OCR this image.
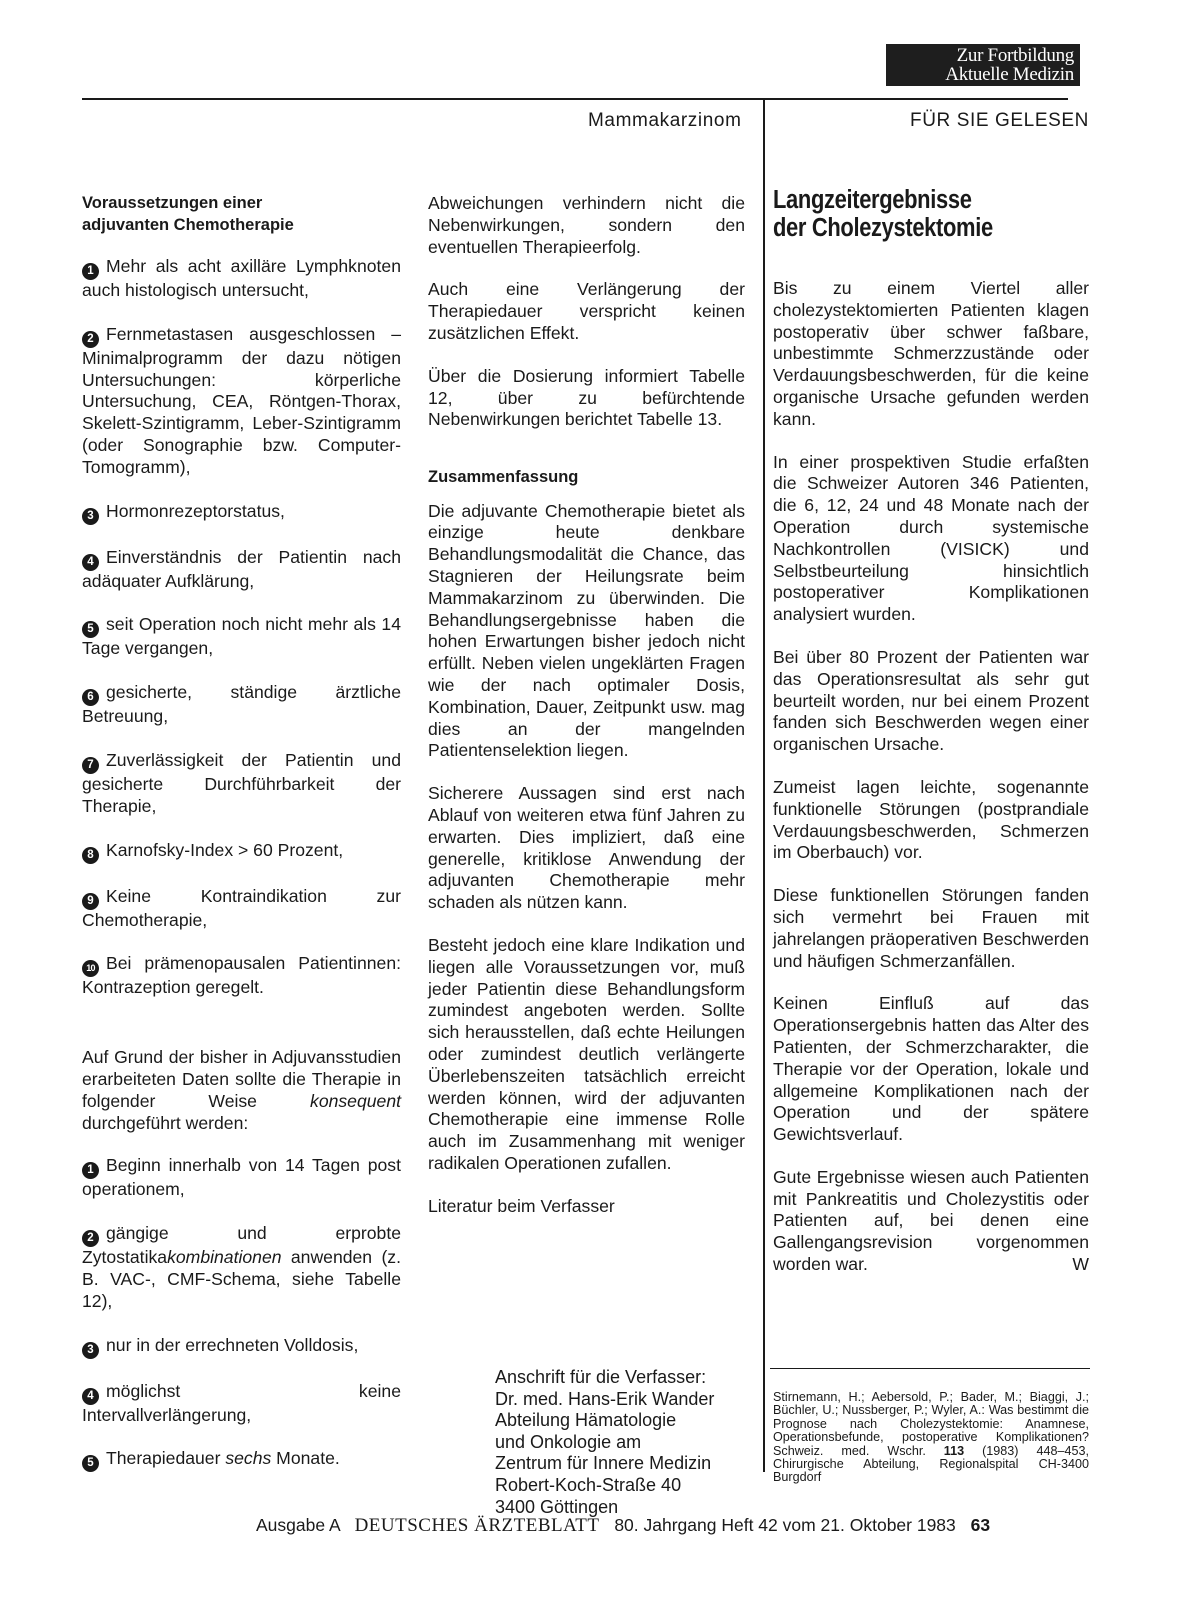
Zur Fortbildung
Aktuelle Medizin
Mammakarzinom	FÜR SIE GELESEN
Voraussetzungen einer
adjuvanten Chemotherapie
1 Mehr als acht axilläre Lymphknoten auch histologisch untersucht,
2 Fernmetastasen ausgeschlossen – Minimalprogramm der dazu nötigen Untersuchungen: körperliche Untersuchung, CEA, Röntgen-Thorax, Skelett-Szintigramm, Leber-Szintigramm (oder Sonographie bzw. Computer-Tomogramm),
3 Hormonrezeptorstatus,
4 Einverständnis der Patientin nach adäquater Aufklärung,
5 seit Operation noch nicht mehr als 14 Tage vergangen,
6 gesicherte, ständige ärztliche Betreuung,
7 Zuverlässigkeit der Patientin und gesicherte Durchführbarkeit der Therapie,
8 Karnofsky-Index > 60 Prozent,
9 Keine Kontraindikation zur Chemotherapie,
10 Bei prämenopausalen Patientinnen: Kontrazeption geregelt.

Auf Grund der bisher in Adjuvansstudien erarbeiteten Daten sollte die Therapie in folgender Weise konsequent durchgeführt werden:

1 Beginn innerhalb von 14 Tagen post operationem,
2 gängige und erprobte Zytostatikakombinationen anwenden (z. B. VAC-, CMF-Schema, siehe Tabelle 12),
3 nur in der errechneten Volldosis,
4 möglichst keine Intervallverlängerung,
5 Therapiedauer sechs Monate.

Abweichungen verhindern nicht die Nebenwirkungen, sondern den eventuellen Therapieerfolg.

Auch eine Verlängerung der Therapiedauer verspricht keinen zusätzlichen Effekt.

Über die Dosierung informiert Tabelle 12, über zu befürchtende Nebenwirkungen berichtet Tabelle 13.

Zusammenfassung

Die adjuvante Chemotherapie bietet als einzige heute denkbare Behandlungsmodalität die Chance, das Stagnieren der Heilungsrate beim Mammakarzinom zu überwinden. Die Behandlungsergebnisse haben die hohen Erwartungen bisher jedoch nicht erfüllt. Neben vielen ungeklärten Fragen wie der nach optimaler Dosis, Kombination, Dauer, Zeitpunkt usw. mag dies an der mangelnden Patientenselektion liegen.

Sicherere Aussagen sind erst nach Ablauf von weiteren etwa fünf Jahren zu erwarten. Dies impliziert, daß eine generelle, kritiklose Anwendung der adjuvanten Chemotherapie mehr schaden als nützen kann.

Besteht jedoch eine klare Indikation und liegen alle Voraussetzungen vor, muß jeder Patientin diese Behandlungsform zumindest angeboten werden. Sollte sich herausstellen, daß echte Heilungen oder zumindest deutlich verlängerte Überlebenszeiten tatsächlich erreicht werden können, wird der adjuvanten Chemotherapie eine immense Rolle auch im Zusammenhang mit weniger radikalen Operationen zufallen.

Literatur beim Verfasser

Anschrift für die Verfasser:
Dr. med. Hans-Erik Wander
Abteilung Hämatologie
und Onkologie am
Zentrum für Innere Medizin
Robert-Koch-Straße 40
3400 Göttingen
Langzeitergebnisse
der Cholezystektomie

Bis zu einem Viertel aller cholezystektomierten Patienten klagen postoperativ über schwer faßbare, unbestimmte Schmerzzustände oder Verdauungsbeschwerden, für die keine organische Ursache gefunden werden kann.

In einer prospektiven Studie erfaßten die Schweizer Autoren 346 Patienten, die 6, 12, 24 und 48 Monate nach der Operation durch systemische Nachkontrollen (VISICK) und Selbstbeurteilung hinsichtlich postoperativer Komplikationen analysiert wurden.

Bei über 80 Prozent der Patienten war das Operationsresultat als sehr gut beurteilt worden, nur bei einem Prozent fanden sich Beschwerden wegen einer organischen Ursache.

Zumeist lagen leichte, sogenannte funktionelle Störungen (postprandiale Verdauungsbeschwerden, Schmerzen im Oberbauch) vor.

Diese funktionellen Störungen fanden sich vermehrt bei Frauen mit jahrelangen präoperativen Beschwerden und häufigen Schmerzanfällen.

Keinen Einfluß auf das Operationsergebnis hatten das Alter des Patienten, der Schmerzcharakter, die Therapie vor der Operation, lokale und allgemeine Komplikationen nach der Operation und der spätere Gewichtsverlauf.

Gute Ergebnisse wiesen auch Patienten mit Pankreatitis und Cholezystitis oder Patienten auf, bei denen eine Gallengangsrevision vorgenommen worden war.	W

Stirnemann, H.; Aebersold, P.; Bader, M.; Biaggi, J.; Büchler, U.; Nussberger, P.; Wyler, A.: Was bestimmt die Prognose nach Cholezystektomie: Anamnese, Operationsbefunde, postoperative Komplikationen? Schweiz. med. Wschr. 113 (1983) 448–453, Chirurgische Abteilung, Regionalspital CH-3400 Burgdorf
Ausgabe A DEUTSCHES ÄRZTEBLATT 80. Jahrgang Heft 42 vom 21. Oktober 1983 63
